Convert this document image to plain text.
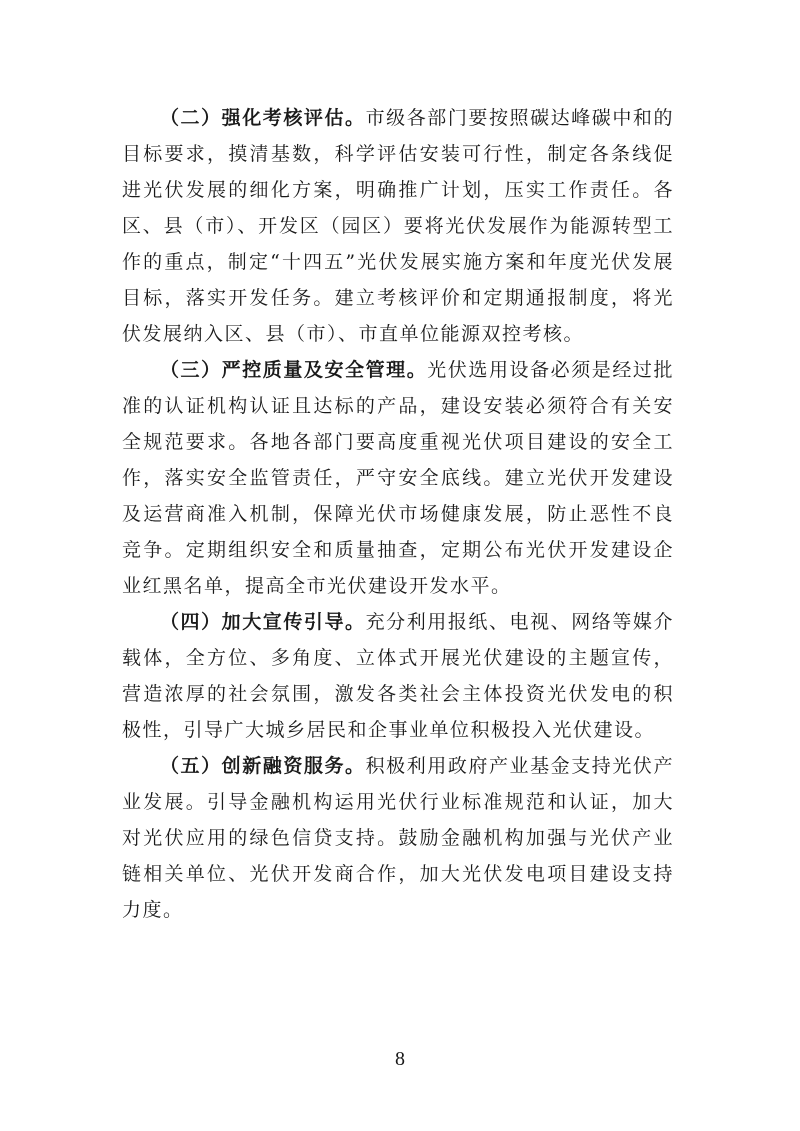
（二）强化考核评估。市级各部门要按照碳达峰碳中和的目标要求，摸清基数，科学评估安装可行性，制定各条线促进光伏发展的细化方案，明确推广计划，压实工作责任。各区、县（市）、开发区（园区）要将光伏发展作为能源转型工作的重点，制定“十四五”光伏发展实施方案和年度光伏发展目标，落实开发任务。建立考核评价和定期通报制度，将光伏发展纳入区、县（市）、市直单位能源双控考核。

（三）严控质量及安全管理。光伏选用设备必须是经过批准的认证机构认证且达标的产品，建设安装必须符合有关安全规范要求。各地各部门要高度重视光伏项目建设的安全工作，落实安全监管责任，严守安全底线。建立光伏开发建设及运营商准入机制，保障光伏市场健康发展，防止恶性不良竞争。定期组织安全和质量抽查，定期公布光伏开发建设企业红黑名单，提高全市光伏建设开发水平。

（四）加大宣传引导。充分利用报纸、电视、网络等媒介载体，全方位、多角度、立体式开展光伏建设的主题宣传，营造浓厚的社会氛围，激发各类社会主体投资光伏发电的积极性，引导广大城乡居民和企事业单位积极投入光伏建设。

（五）创新融资服务。积极利用政府产业基金支持光伏产业发展。引导金融机构运用光伏行业标准规范和认证，加大对光伏应用的绿色信贷支持。鼓励金融机构加强与光伏产业链相关单位、光伏开发商合作，加大光伏发电项目建设支持力度。

8
